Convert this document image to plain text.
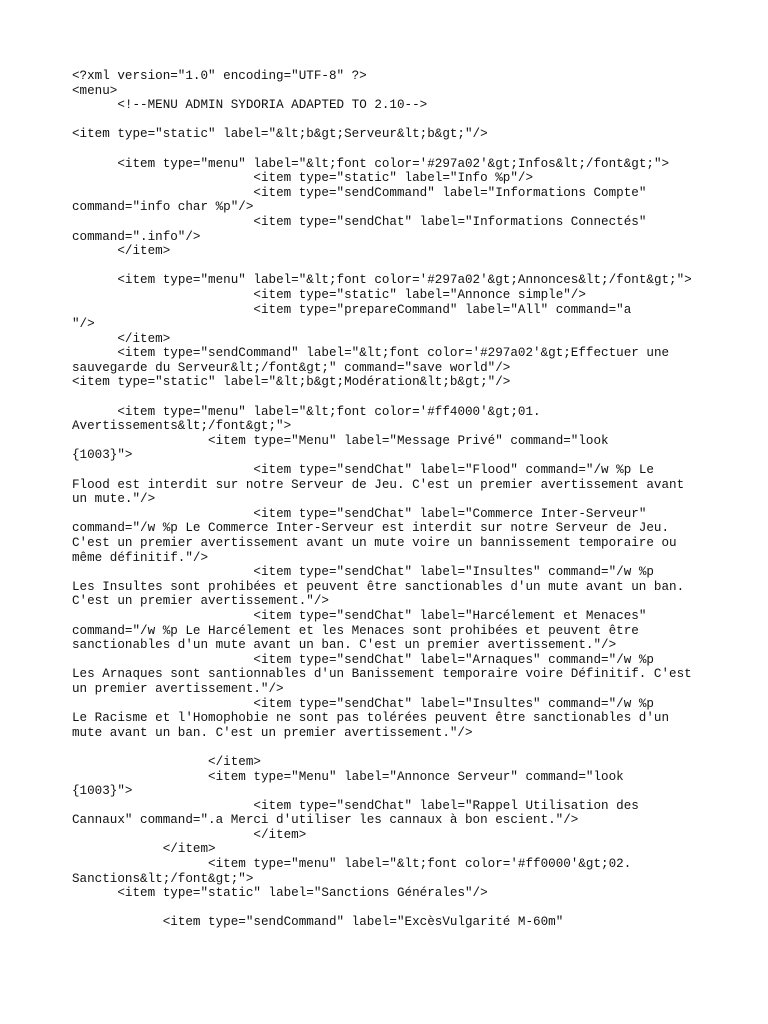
<?xml version="1.0" encoding="UTF-8" ?>
<menu>
<!--MENU ADMIN SYDORIA ADAPTED TO 2.10-->

<item type="static" label="&lt;b&gt;Serveur&lt;b&gt;"/>

<item type="menu" label="&lt;font color='#297a02'&gt;Infos&lt;/font&gt;">
<item type="static" label="Info %p"/>
<item type="sendCommand" label="Informations Compte"
command="info char %p"/>
<item type="sendChat" label="Informations Connectés"
command=".info"/>
</item>

<item type="menu" label="&lt;font color='#297a02'&gt;Annonces&lt;/font&gt;">
<item type="static" label="Annonce simple"/>
<item type="prepareCommand" label="All" command="a
"/>
</item>
<item type="sendCommand" label="&lt;font color='#297a02'&gt;Effectuer une
sauvegarde du Serveur&lt;/font&gt;" command="save world"/>
<item type="static" label="&lt;b&gt;Modération&lt;b&gt;"/>

<item type="menu" label="&lt;font color='#ff4000'&gt;01.
Avertissements&lt;/font&gt;">
<item type="Menu" label="Message Privé" command="look
{1003}">
<item type="sendChat" label="Flood" command="/w %p Le
Flood est interdit sur notre Serveur de Jeu. C'est un premier avertissement avant
un mute."/>
<item type="sendChat" label="Commerce Inter-Serveur"
command="/w %p Le Commerce Inter-Serveur est interdit sur notre Serveur de Jeu.
C'est un premier avertissement avant un mute voire un bannissement temporaire ou
même définitif."/>
<item type="sendChat" label="Insultes" command="/w %p
Les Insultes sont prohibées et peuvent être sanctionables d'un mute avant un ban.
C'est un premier avertissement."/>
<item type="sendChat" label="Harcélement et Menaces"
command="/w %p Le Harcélement et les Menaces sont prohibées et peuvent être
sanctionables d'un mute avant un ban. C'est un premier avertissement."/>
<item type="sendChat" label="Arnaques" command="/w %p
Les Arnaques sont santionnables d'un Banissement temporaire voire Définitif. C'est
un premier avertissement."/>
<item type="sendChat" label="Insultes" command="/w %p
Le Racisme et l'Homophobie ne sont pas tolérées peuvent être sanctionables d'un
mute avant un ban. C'est un premier avertissement."/>

</item>
<item type="Menu" label="Annonce Serveur" command="look
{1003}">
<item type="sendChat" label="Rappel Utilisation des
Cannaux" command=".a Merci d'utiliser les cannaux à bon escient."/>
</item>
</item>
<item type="menu" label="&lt;font color='#ff0000'&gt;02.
Sanctions&lt;/font&gt;">
<item type="static" label="Sanctions Générales"/>

<item type="sendCommand" label="ExcèsVulgarité M-60m"
